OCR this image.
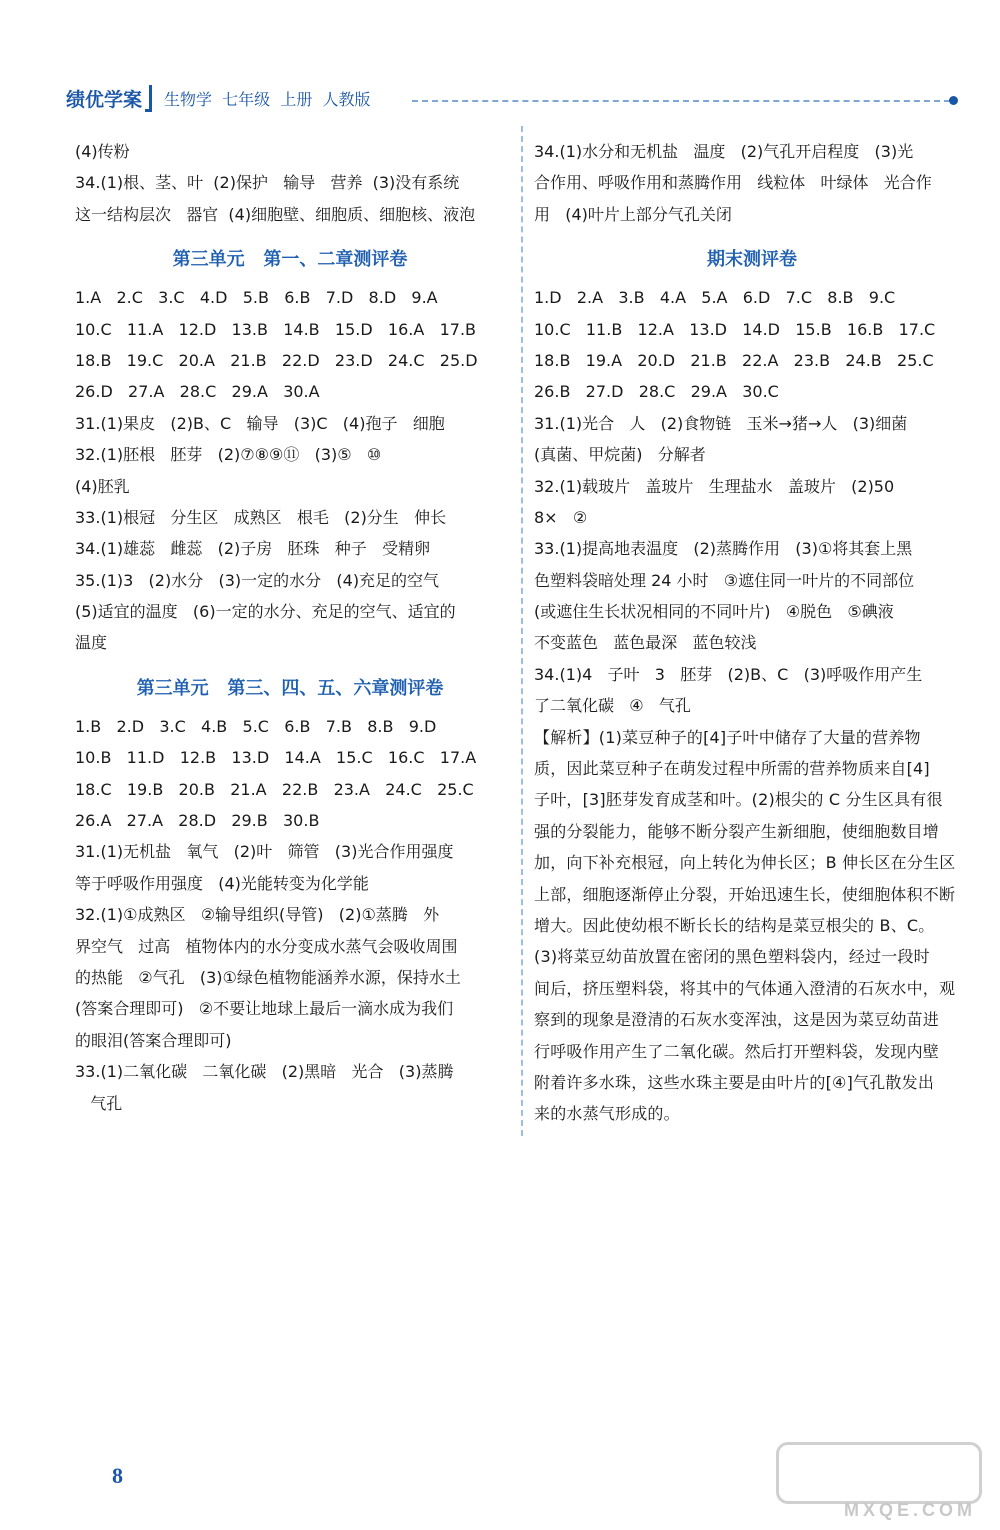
绩优学案 生物学  七年级  上册  人教版
(4)传粉
34.(1)根、茎、叶  (2)保护   输导   营养  (3)没有系统
这一结构层次   器官  (4)细胞壁、细胞质、细胞核、液泡
第三单元   第一、二章测评卷
1.A   2.C   3.C   4.D   5.B   6.B   7.D   8.D   9.A
10.C   11.A   12.D   13.B   14.B   15.D   16.A   17.B
18.B   19.C   20.A   21.B   22.D   23.D   24.C   25.D
26.D   27.A   28.C   29.A   30.A
31.(1)果皮   (2)B、C   输导   (3)C   (4)孢子   细胞
32.(1)胚根   胚芽   (2)⑦⑧⑨⑪   (3)⑤   ⑩
(4)胚乳
33.(1)根冠   分生区   成熟区   根毛   (2)分生   伸长
34.(1)雄蕊   雌蕊   (2)子房   胚珠   种子   受精卵
35.(1)3   (2)水分   (3)一定的水分   (4)充足的空气
(5)适宜的温度   (6)一定的水分、充足的空气、适宜的
温度
第三单元   第三、四、五、六章测评卷
1.B   2.D   3.C   4.B   5.C   6.B   7.B   8.B   9.D
10.B   11.D   12.B   13.D   14.A   15.C   16.C   17.A
18.C   19.B   20.B   21.A   22.B   23.A   24.C   25.C
26.A   27.A   28.D   29.B   30.B
31.(1)无机盐   氧气   (2)叶   筛管   (3)光合作用强度
等于呼吸作用强度   (4)光能转变为化学能
32.(1)①成熟区   ②输导组织(导管)   (2)①蒸腾   外
界空气   过高   植物体内的水分变成水蒸气会吸收周围
的热能   ②气孔   (3)①绿色植物能涵养水源，保持水土
(答案合理即可)   ②不要让地球上最后一滴水成为我们
的眼泪(答案合理即可)
33.(1)二氧化碳   二氧化碳   (2)黑暗   光合   (3)蒸腾
气孔
34.(1)水分和无机盐   温度   (2)气孔开启程度   (3)光
合作用、呼吸作用和蒸腾作用   线粒体   叶绿体   光合作
用   (4)叶片上部分气孔关闭
期末测评卷
1.D   2.A   3.B   4.A   5.A   6.D   7.C   8.B   9.C
10.C   11.B   12.A   13.D   14.D   15.B   16.B   17.C
18.B   19.A   20.D   21.B   22.A   23.B   24.B   25.C
26.B   27.D   28.C   29.A   30.C
31.(1)光合   人   (2)食物链   玉米→猪→人   (3)细菌
(真菌、甲烷菌)   分解者
32.(1)载玻片   盖玻片   生理盐水   盖玻片   (2)50
8×   ②
33.(1)提高地表温度   (2)蒸腾作用   (3)①将其套上黑
色塑料袋暗处理 24 小时   ③遮住同一叶片的不同部位
(或遮住生长状况相同的不同叶片)   ④脱色   ⑤碘液
不变蓝色   蓝色最深   蓝色较浅
34.(1)4   子叶   3   胚芽   (2)B、C   (3)呼吸作用产生
了二氧化碳   ④   气孔
【解析】(1)菜豆种子的[4]子叶中储存了大量的营养物
质，因此菜豆种子在萌发过程中所需的营养物质来自[4]
子叶，[3]胚芽发育成茎和叶。(2)根尖的 C 分生区具有很
强的分裂能力，能够不断分裂产生新细胞，使细胞数目增
加，向下补充根冠，向上转化为伸长区；B 伸长区在分生区
上部，细胞逐渐停止分裂，开始迅速生长，使细胞体积不断
增大。因此使幼根不断长长的结构是菜豆根尖的 B、C。
(3)将菜豆幼苗放置在密闭的黑色塑料袋内，经过一段时
间后，挤压塑料袋，将其中的气体通入澄清的石灰水中，观
察到的现象是澄清的石灰水变浑浊，这是因为菜豆幼苗进
行呼吸作用产生了二氧化碳。然后打开塑料袋，发现内壁
附着许多水珠，这些水珠主要是由叶片的[④]气孔散发出
来的水蒸气形成的。
8
MXQE.COM
